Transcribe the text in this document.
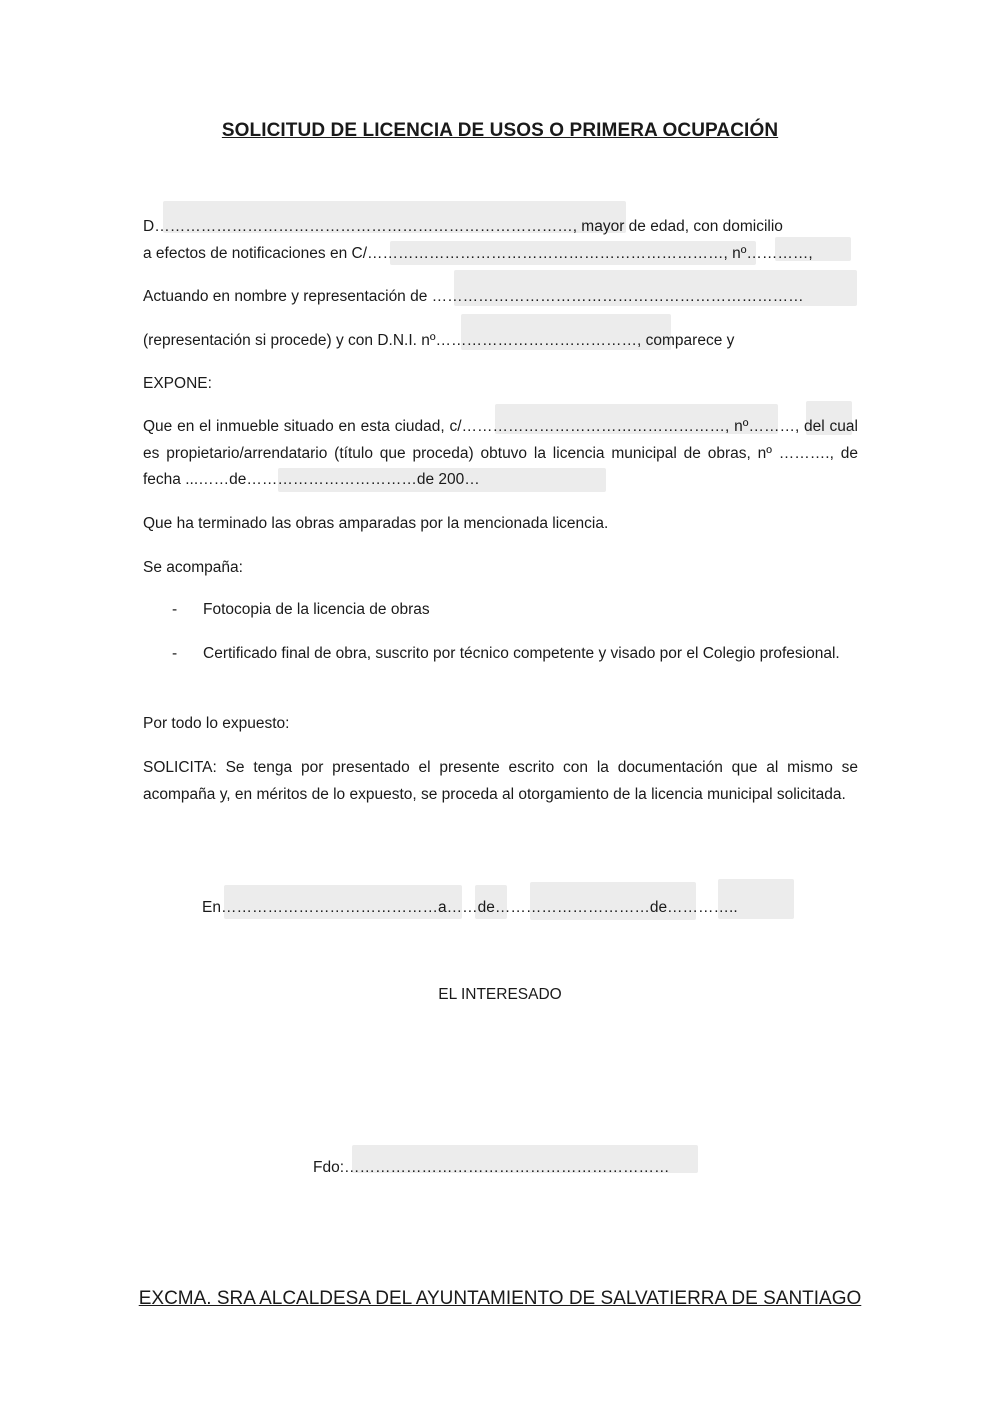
SOLICITUD DE LICENCIA DE USOS O PRIMERA OCUPACIÓN
D………………………………………………………………………, mayor de edad, con domicilio
a efectos de notificaciones en C/……………………………………………………………, nº…………,
Actuando en nombre y representación de ………………………………………………………………
(representación si procede) y con D.N.I. nº…………………………………, comparece y
EXPONE:
Que en el inmueble situado en esta ciudad, c/……………………………………………, nº………, del cual es propietario/arrendatario (título que proceda) obtuvo la licencia municipal de obras, nº ………., de fecha ...……de……………………………de 200…
Que ha terminado las obras amparadas por la mencionada licencia.
Se acompaña:
- Fotocopia de la licencia de obras
- Certificado final de obra, suscrito por técnico competente y visado por el Colegio profesional.
Por todo lo expuesto:
SOLICITA: Se tenga por presentado el presente escrito con la documentación que al mismo se acompaña y, en méritos de lo expuesto, se proceda al otorgamiento de la licencia municipal solicitada.
En……………………………………a……de…………………………de…………..
EL INTERESADO
Fdo:………………………………………………………
EXCMA. SRA ALCALDESA DEL AYUNTAMIENTO DE SALVATIERRA DE SANTIAGO
